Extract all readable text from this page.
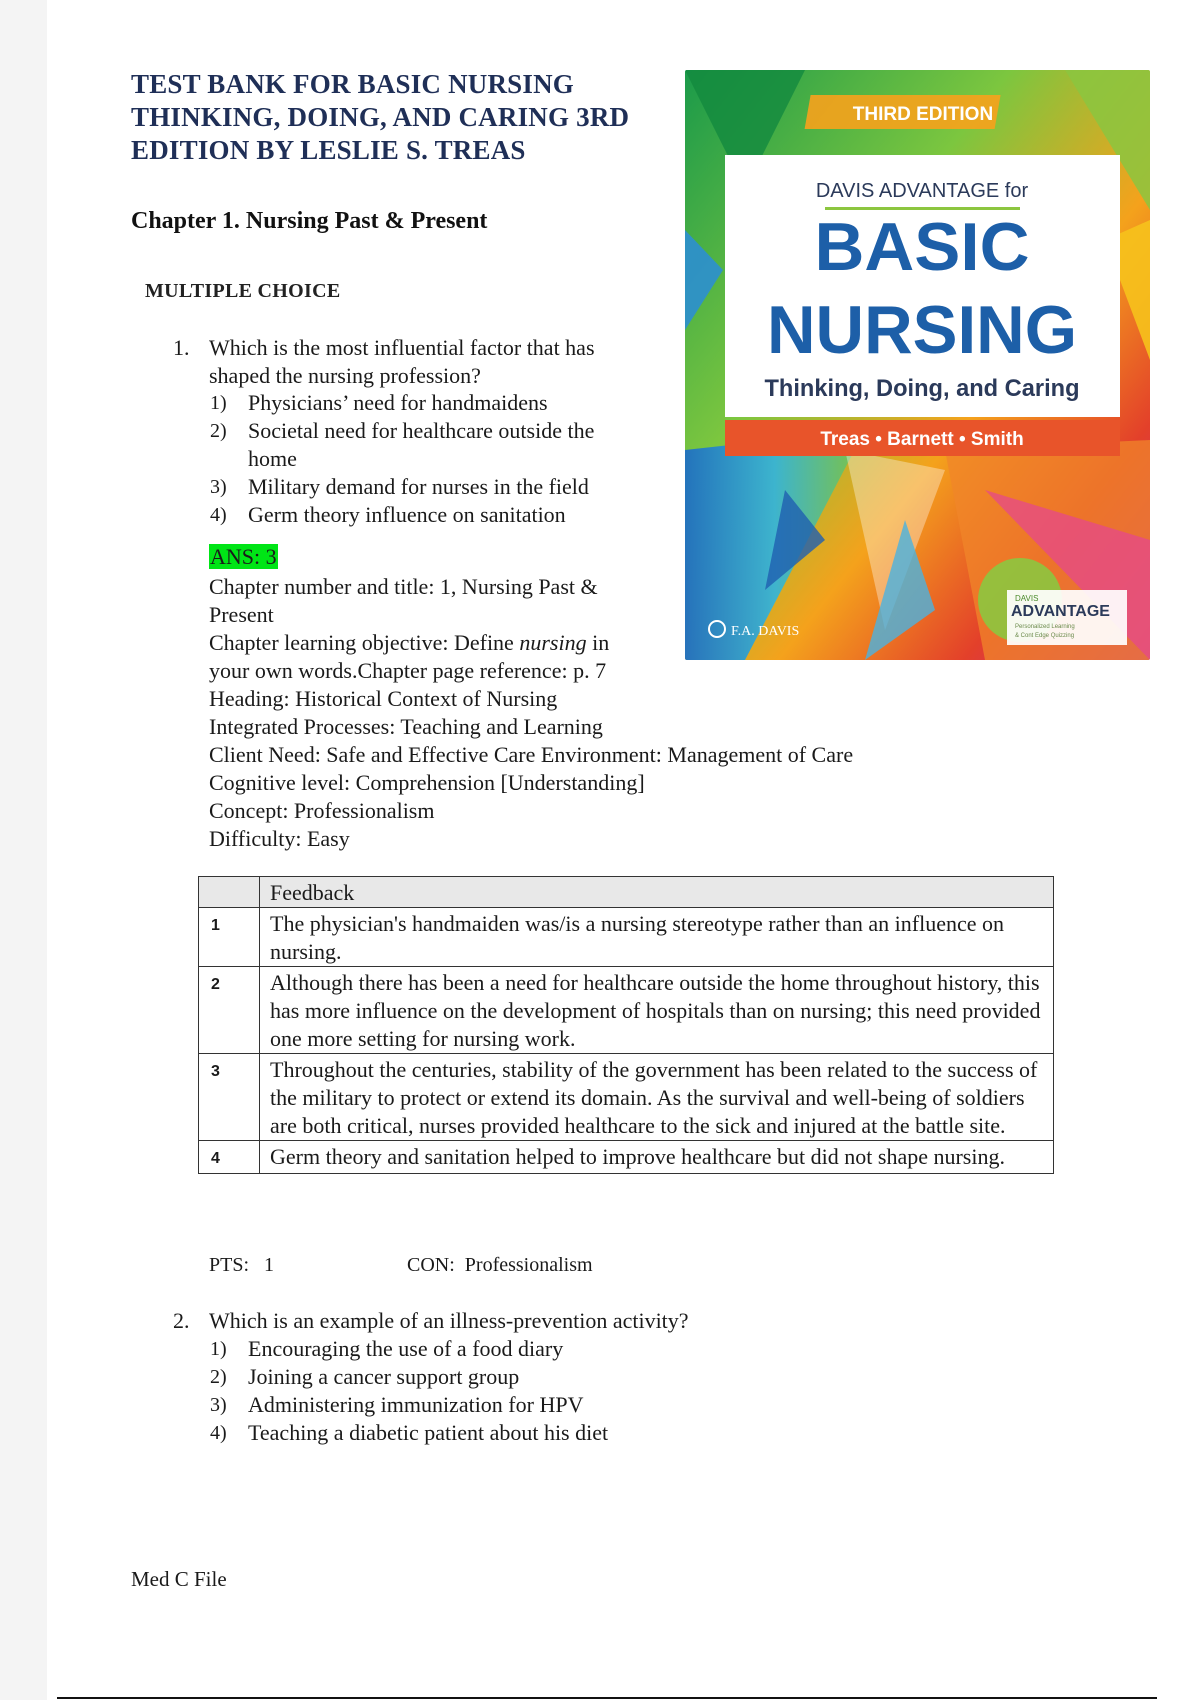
TEST BANK FOR BASIC NURSING THINKING, DOING, AND CARING 3RD EDITION BY LESLIE S. TREAS
Chapter 1. Nursing Past & Present
MULTIPLE CHOICE
1. Which is the most influential factor that has
shaped the nursing profession?
1) Physicians’ need for handmaidens
2) Societal need for healthcare outside the home
3) Military demand for nurses in the field
4) Germ theory influence on sanitation
ANS: 3
Chapter number and title: 1, Nursing Past & Present
Chapter learning objective: Define nursing in your own words.Chapter page reference: p. 7
Heading: Historical Context of Nursing
Integrated Processes: Teaching and Learning
Client Need: Safe and Effective Care Environment: Management of Care
Cognitive level: Comprehension [Understanding]
Concept: Professionalism
Difficulty: Easy
THIRD EDITION
DAVIS ADVANTAGE for
BASIC
NURSING
Thinking, Doing, and Caring
Treas • Barnett • Smith
F.A. DAVIS
DAVIS
ADVANTAGE
Personalized Learning
& Cont Edge Quizzing
	Feedback
1	The physician's handmaiden was/is a nursing stereotype rather than an influence on nursing.
2	Although there has been a need for healthcare outside the home throughout history, this has more influence on the development of hospitals than on nursing; this need provided one more setting for nursing work.
3	Throughout the centuries, stability of the government has been related to the success of the military to protect or extend its domain. As the survival and well-being of soldiers are both critical, nurses provided healthcare to the sick and injured at the battle site.
4	Germ theory and sanitation helped to improve healthcare but did not shape nursing.
PTS:   1	CON:  Professionalism
2. Which is an example of an illness-prevention activity?
1) Encouraging the use of a food diary
2) Joining a cancer support group
3) Administering immunization for HPV
4) Teaching a diabetic patient about his diet
Med C File
